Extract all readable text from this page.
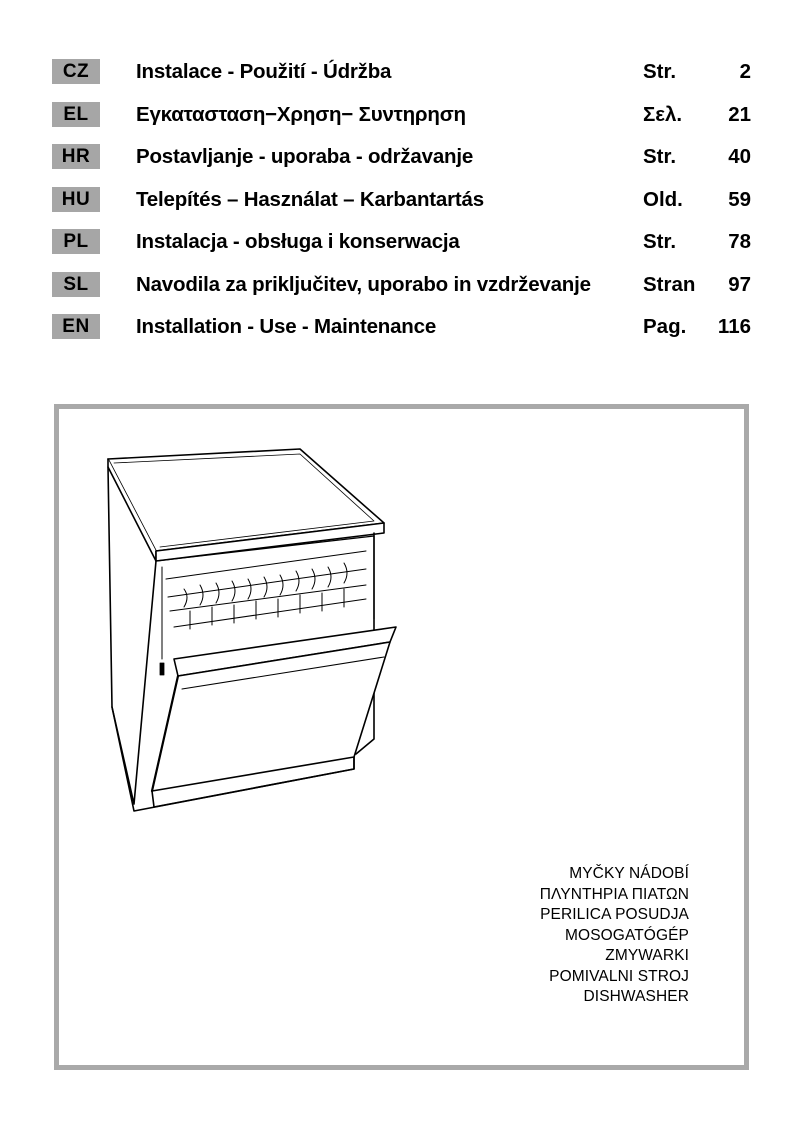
CZ	Instalace - Použití - Údržba	Str.	2
EL	Εγκατασταση−Χρηση− Συντηρηση	Σελ. 21
HR	Postavljanje - uporaba - održavanje	Str.	40
HU	Telepítés – Használat – Karbantartás	Old. 59
PL	Instalacja - obsługa i konserwacja	Str.	78
SL	Navodila za priključitev, uporabo in vzdrževanje	Stran 97
EN	Installation - Use - Maintenance	Pag. 116
MYČKY NÁDOBÍ
ΠΛΥΝΤΗΡΙΑ ΠΙΑΤΩΝ
PERILICA POSUDJA
MOSOGATÓGÉP
ZMYWARKI
POMIVALNI STROJ
DISHWASHER
